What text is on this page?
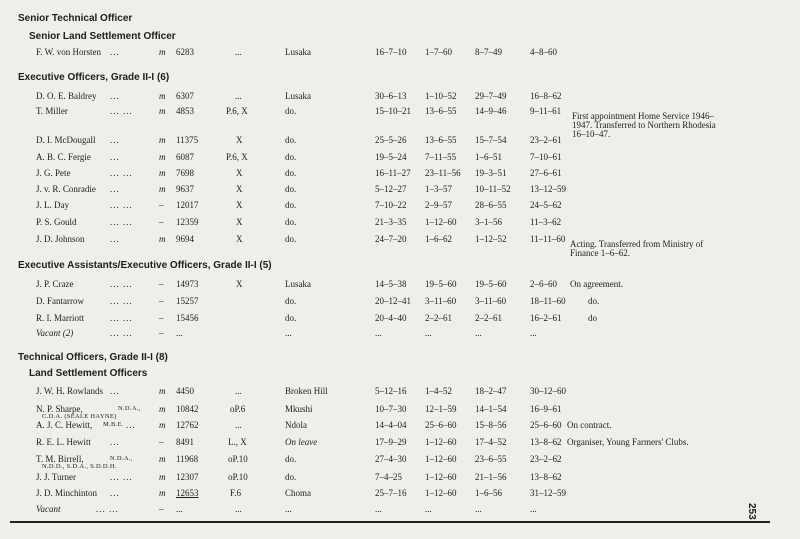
Senior Technical Officer
Senior Land Settlement Officer
F. W. von Horsten ...	m 6283	...	Lusaka	16–7–10 1–7–60	8–7–49	4–8–60
Executive Officers, Grade II-I (6)
D. O. E. Baldrey ...	m 6307	...	Lusaka	30–6–13 1–10–52 29–7–49	16–8–62
T. Miller	... ...	m 4853	P.6, X	do.	15–10–21 13–6–55 14–9–46	9–11–61 First appointment Home Service 1946–
1947. Transferred to Northern Rhodesia
16–10–47.
D. I. McDougall ...	m 11375	X	do.	25–5–26 13–6–55 15–7–54	23–2–61
A. B. C. Fergie ...	m 6087	P.6, X	do.	19–5–24 7–11–55 1–6–51	7–10–61
J. G. Pete	... ...	m 7698	X	do.	16–11–27 23–11–56 19–3–51	27–6–61
J. v. R. Conradie ...	m 9637	X	do.	5–12–27 1–3–57	10–11–52 13–12–59
J. L. Day	... ...	– 12017	X	do.	7–10–22 2–9–57	28–6–55	24–5–62
P. S. Gould	... ...	– 12359	X	do.	21–3–35 1–12–60 3–1–56	11–3–62
J. D. Johnson	...	m 9694	X	do.	24–7–20 1–6–62	1–12–52	11–11–60 Acting. Transferred from Ministry of
Finance 1–6–62.
Executive Assistants/Executive Officers, Grade II-I (5)
J. P. Craze	... ...	– 14973	X	Lusaka	14–5–38 19–5–60 19–5–60	2–6–60 On agreement.
D. Fantarrow	... ...	– 15257	do.	20–12–41 3–11–60 3–11–60	18–11–60 do.
R. I. Marriott	... ...	– 15456	do.	20–4–40 2–2–61	2–2–61	16–2–61	do
Vacant (2)	... ...	– ...	...	...	...	...	...
Technical Officers, Grade II-I (8)
Land Settlement Officers
J. W. H. Rowlands ...	m 4450	...	Broken Hill	5–12–16 1–4–52	18–2–47	30–12–60
N. P. Sharpe,	N.D.A., m 10842	oP.6	Mkushi	10–7–30 12–1–59 14–1–54	16–9–61
C.D.A. (SEALE HAYNE)
A. J. C. Hewitt, M.B.E. ...	m 12762	...	Ndola	14–4–04 25–6–60 15–8–56	25–6–60 On contract.
R. E. L. Hewitt ...	– 8491	L., X	On leave	17–9–29 1–12–60 17–4–52	13–8–62 Organiser, Young Farmers' Clubs.
T. M. Birrell,	N.D.A.,	m 11968	oP.10	do.	27–4–30 1–12–60 23–6–55	23–2–62
N.D.D., S.D.A., S.D.D.H.
J. J. Turner	... ...	m 12307	oP.10	do.	7–4–25	1–12–60 21–1–56	13–8–62
J. D. Minchinton ...	m 12653	F.6	Choma	25–7–16 1–12–60 1–6–56	31–12–59
Vacant	... ...	– ...	...	...	...	...	...	...	253
